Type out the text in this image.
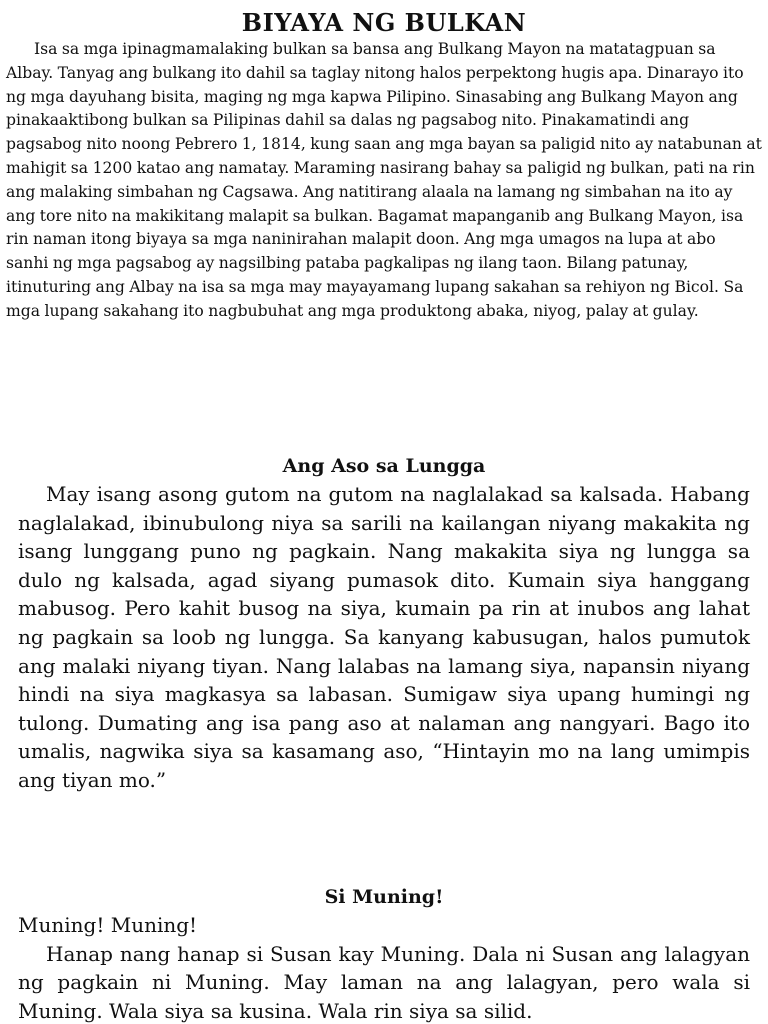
BIYAYA NG BULKAN

Isa sa mga ipinagmamalaking bulkan sa bansa ang Bulkang Mayon na matatagpuan sa Albay. Tanyag ang bulkang ito dahil sa taglay nitong halos perpektong hugis apa. Dinarayo ito ng mga dayuhang bisita, maging ng mga kapwa Pilipino. Sinasabing ang Bulkang Mayon ang pinakaaktibong bulkan sa Pilipinas dahil sa dalas ng pagsabog nito. Pinakamatindi ang pagsabog nito noong Pebrero 1, 1814, kung saan ang mga bayan sa paligid nito ay natabunan at mahigit sa 1200 katao ang namatay. Maraming nasirang bahay sa paligid ng bulkan, pati na rin ang malaking simbahan ng Cagsawa. Ang natitirang alaala na lamang ng simbahan na ito ay ang tore nito na makikitang malapit sa bulkan. Bagamat mapanganib ang Bulkang Mayon, isa rin naman itong biyaya sa mga naninirahan malapit doon. Ang mga umagos na lupa at abo sanhi ng mga pagsabog ay nagsilbing pataba pagkalipas ng ilang taon. Bilang patunay, itinuturing ang Albay na isa sa mga may mayayamang lupang sakahan sa rehiyon ng Bicol. Sa mga lupang sakahang ito nagbubuhat ang mga produktong abaka, niyog, palay at gulay.

Ang Aso sa Lungga

May isang asong gutom na gutom na naglalakad sa kalsada. Habang naglalakad, ibinubulong niya sa sarili na kailangan niyang makakita ng isang lunggang puno ng pagkain. Nang makakita siya ng lungga sa dulo ng kalsada, agad siyang pumasok dito. Kumain siya hanggang mabusog. Pero kahit busog na siya, kumain pa rin at inubos ang lahat ng pagkain sa loob ng lungga. Sa kanyang kabusugan, halos pumutok ang malaki niyang tiyan. Nang lalabas na lamang siya, napansin niyang hindi na siya magkasya sa labasan. Sumigaw siya upang humingi ng tulong. Dumating ang isa pang aso at nalaman ang nangyari. Bago ito umalis, nagwika siya sa kasamang aso, “Hintayin mo na lang umimpis ang tiyan mo.”

Si Muning!

Muning! Muning!

Hanap nang hanap si Susan kay Muning. Dala ni Susan ang lalagyan ng pagkain ni Muning. May laman na ang lalagyan, pero wala si Muning. Wala siya sa kusina. Wala rin siya sa silid.
